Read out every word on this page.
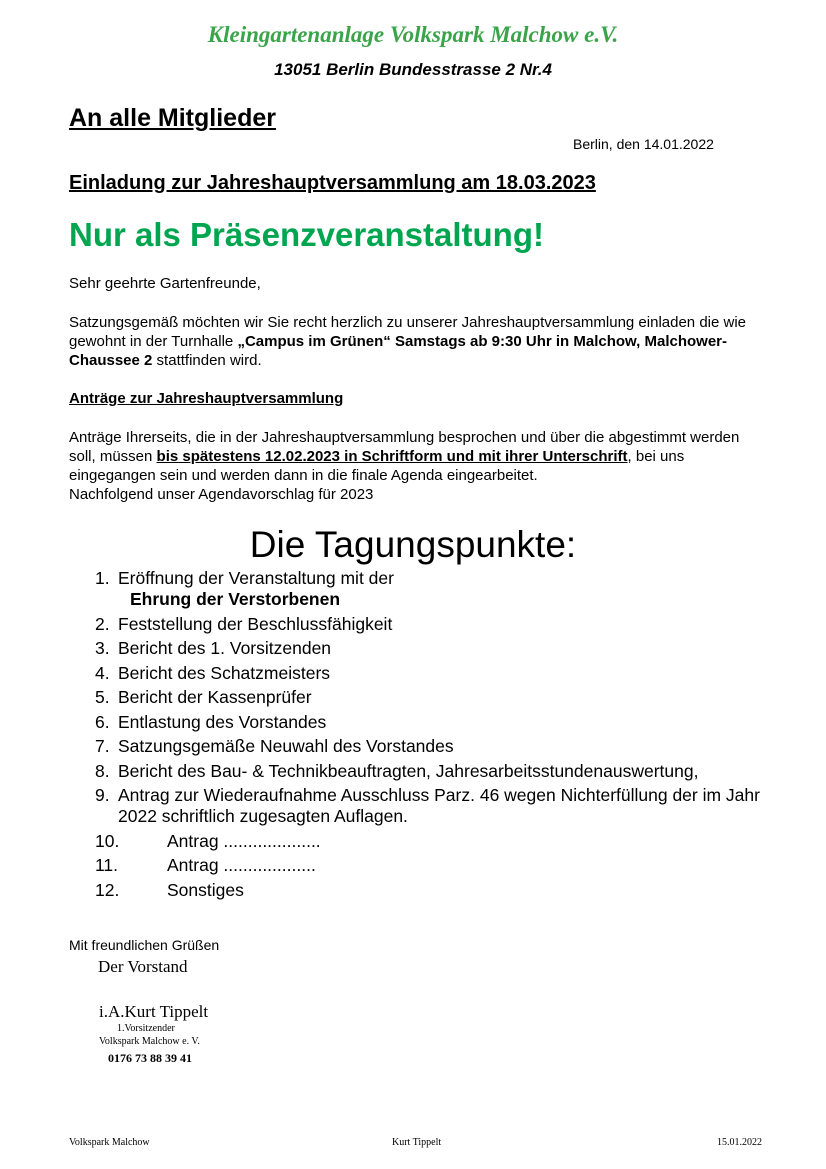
Kleingartenanlage Volkspark Malchow e.V.
13051 Berlin Bundesstrasse 2 Nr.4
An alle Mitglieder
Berlin, den 14.01.2022
Einladung zur Jahreshauptversammlung am 18.03.2023
Nur als Präsenzveranstaltung!
Sehr geehrte Gartenfreunde,
Satzungsgemäß möchten wir Sie recht herzlich zu unserer Jahreshauptversammlung einladen die wie gewohnt in der Turnhalle „Campus im Grünen“ Samstags ab 9:30 Uhr in Malchow, Malchower-Chaussee 2 stattfinden wird.
Anträge zur Jahreshauptversammlung
Anträge Ihrerseits, die in der Jahreshauptversammlung besprochen und über die abgestimmt werden soll, müssen bis spätestens 12.02.2023 in Schriftform und mit ihrer Unterschrift, bei uns eingegangen sein und werden dann in die finale Agenda eingearbeitet.
Nachfolgend unser Agendavorschlag für 2023
Die Tagungspunkte:
1. Eröffnung der Veranstaltung mit der
Ehrung der Verstorbenen
2. Feststellung der Beschlussfähigkeit
3. Bericht des 1. Vorsitzenden
4. Bericht des Schatzmeisters
5. Bericht der Kassenprüfer
6. Entlastung des Vorstandes
7. Satzungsgemäße Neuwahl des Vorstandes
8. Bericht des Bau- & Technikbeauftragten, Jahresarbeitsstundenauswertung,
9. Antrag zur Wiederaufnahme Ausschluss Parz. 46 wegen Nichterfüllung der im Jahr 2022 schriftlich zugesagten Auflagen.
10.	Antrag ....................
11.	Antrag ...................
12.	Sonstiges
Mit freundlichen Grüßen
Der Vorstand
i.A.Kurt Tippelt
1.Vorsitzender
Volkspark Malchow e. V.
0176 73 88 39 41
Volkspark Malchow	Kurt Tippelt	15.01.2022
